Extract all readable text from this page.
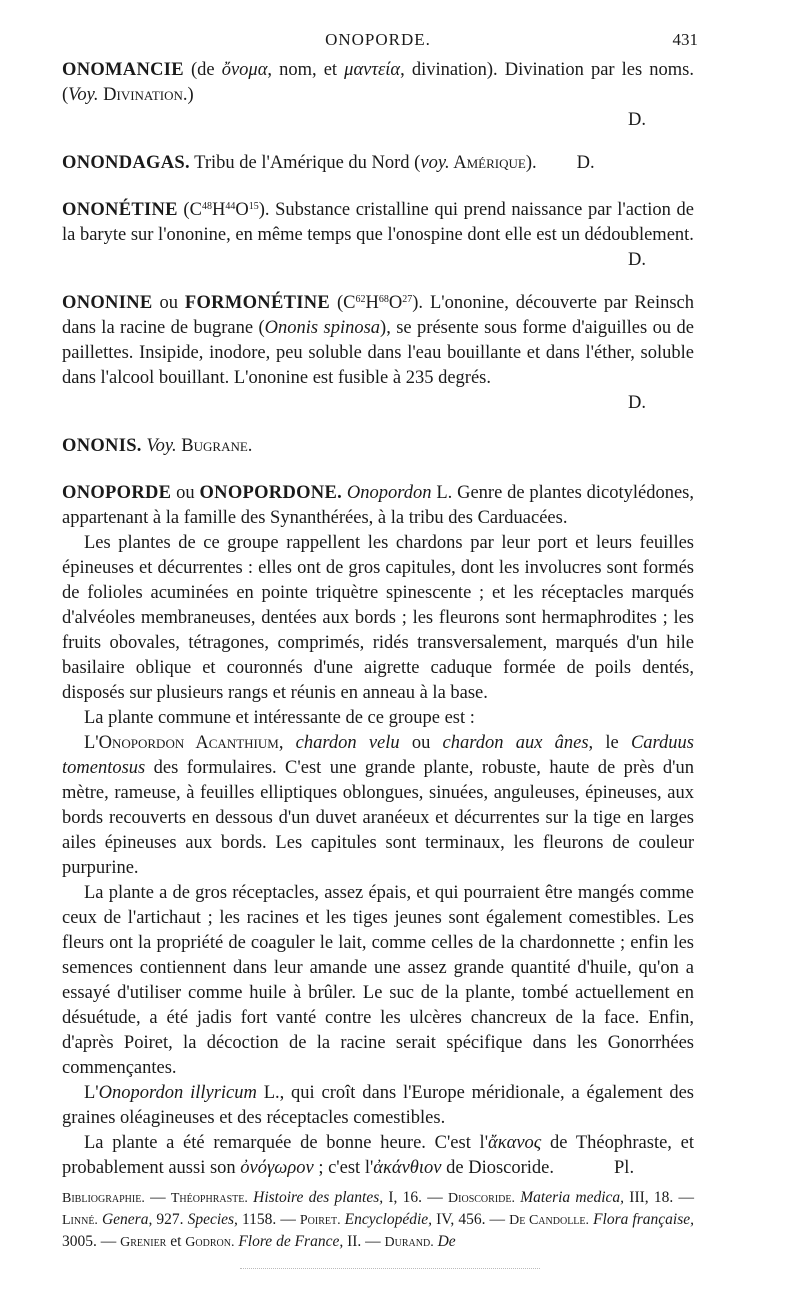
ONOPORDE.	431

ONOMANCIE (de ὄνομα, nom, et μαντεία, divination). Divination par les noms. (Voy. Divination.)

D.

ONONDAGAS. Tribu de l'Amérique du Nord (voy. Amérique). D.

ONONÉTINE $(C^{48}H^{44}O^{15})$. Substance cristalline qui prend naissance par l'action de la baryte sur l'ononine, en même temps que l'onospine dont elle est un dédoublement.

D.

ONONINE ou FORMONÉTINE $(C^{62}H^{68}O^{27})$. L'ononine, découverte par Reinsch dans la racine de bugrane (Ononis spinosa), se présente sous forme d'aiguilles ou de paillettes. Insipide, inodore, peu soluble dans l'eau bouillante et dans l'éther, soluble dans l'alcool bouillant. L'ononine est fusible à 235 degrés.

D.

ONONIS. Voy. Bugrane.

ONOPORDE ou ONOPORDONE. Onopordon L. Genre de plantes dicotylédones, appartenant à la famille des Synanthérées, à la tribu des Carduacées.

Les plantes de ce groupe rappellent les chardons par leur port et leurs feuilles épineuses et décurrentes : elles ont de gros capitules, dont les involucres sont formés de folioles acuminées en pointe triquètre spinescente ; et les réceptacles marqués d'alvéoles membraneuses, dentées aux bords ; les fleurons sont hermaphrodites ; les fruits obovales, tétragones, comprimés, ridés transversalement, marqués d'un hile basilaire oblique et couronnés d'une aigrette caduque formée de poils dentés, disposés sur plusieurs rangs et réunis en anneau à la base.

La plante commune et intéressante de ce groupe est :

L'Onopordon Acanthium, chardon velu ou chardon aux ânes, le Carduus tomentosus des formulaires. C'est une grande plante, robuste, haute de près d'un mètre, rameuse, à feuilles elliptiques oblongues, sinuées, anguleuses, épineuses, aux bords recouverts en dessous d'un duvet aranéeux et décurrentes sur la tige en larges ailes épineuses aux bords. Les capitules sont terminaux, les fleurons de couleur purpurine.

La plante a de gros réceptacles, assez épais, et qui pourraient être mangés comme ceux de l'artichaut ; les racines et les tiges jeunes sont également comestibles. Les fleurs ont la propriété de coaguler le lait, comme celles de la chardonnette ; enfin les semences contiennent dans leur amande une assez grande quantité d'huile, qu'on a essayé d'utiliser comme huile à brûler. Le suc de la plante, tombé actuellement en désuétude, a été jadis fort vanté contre les ulcères chancreux de la face. Enfin, d'après Poiret, la décoction de la racine serait spécifique dans les Gonorrhées commençantes.

L'Onopordon illyricum L., qui croît dans l'Europe méridionale, a également des graines oléagineuses et des réceptacles comestibles.

La plante a été remarquée de bonne heure. C'est l'ἄκανος de Théophraste, et probablement aussi son ὀνόγωρον ; c'est l'ἀκάνθιον de Dioscoride.	Pl.

Bibliographie. — Théophraste. Histoire des plantes, I, 16. — Dioscoride. Materia medica, III, 18. — Linné. Genera, 927. Species, 1158. — Poiret. Encyclopédie, IV, 456. — De Candolle. Flora française, 3005. — Grenier et Godron. Flore de France, II. — Durand. De
